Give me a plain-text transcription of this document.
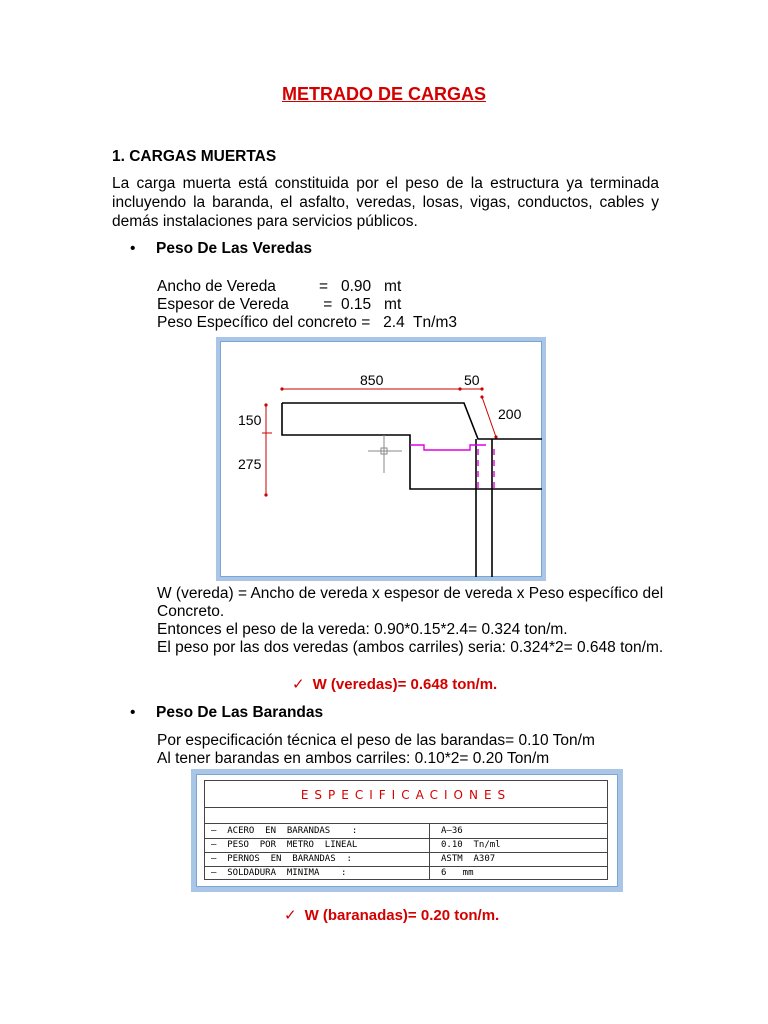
METRADO DE CARGAS
1. CARGAS MUERTAS

La carga muerta está constituida por el peso de la estructura ya terminada incluyendo la baranda, el asfalto, veredas, losas, vigas, conductos, cables y demás instalaciones para servicios públicos.

• Peso De Las Veredas

Ancho de Vereda          =   0.90   mt

Espesor de Vereda        =  0.15   mt

Peso Específico del concreto =   2.4  Tn/m3

850	50
200
150
275

W (vereda) = Ancho de vereda x espesor de vereda x Peso específico del

Concreto.

Entonces el peso de la vereda: 0.90*0.15*2.4= 0.324 ton/m.

El peso por las dos veredas (ambos carriles) seria: 0.324*2= 0.648 ton/m.

✓ W (veredas)= 0.648 ton/m.
• Peso De Las Barandas

Por especificación técnica el peso de las barandas= 0.10 Ton/m

Al tener barandas en ambos carriles: 0.10*2= 0.20 Ton/m

ESPECIFICACIONES
–  ACERO  EN  BARANDAS    :	A–36
–  PESO  POR  METRO  LINEAL	0.10  Tn/ml
–  PERNOS  EN  BARANDAS  :	ASTM  A307
–  SOLDADURA  MINIMA    :	6   mm
✓ W (baranadas)= 0.20 ton/m.
